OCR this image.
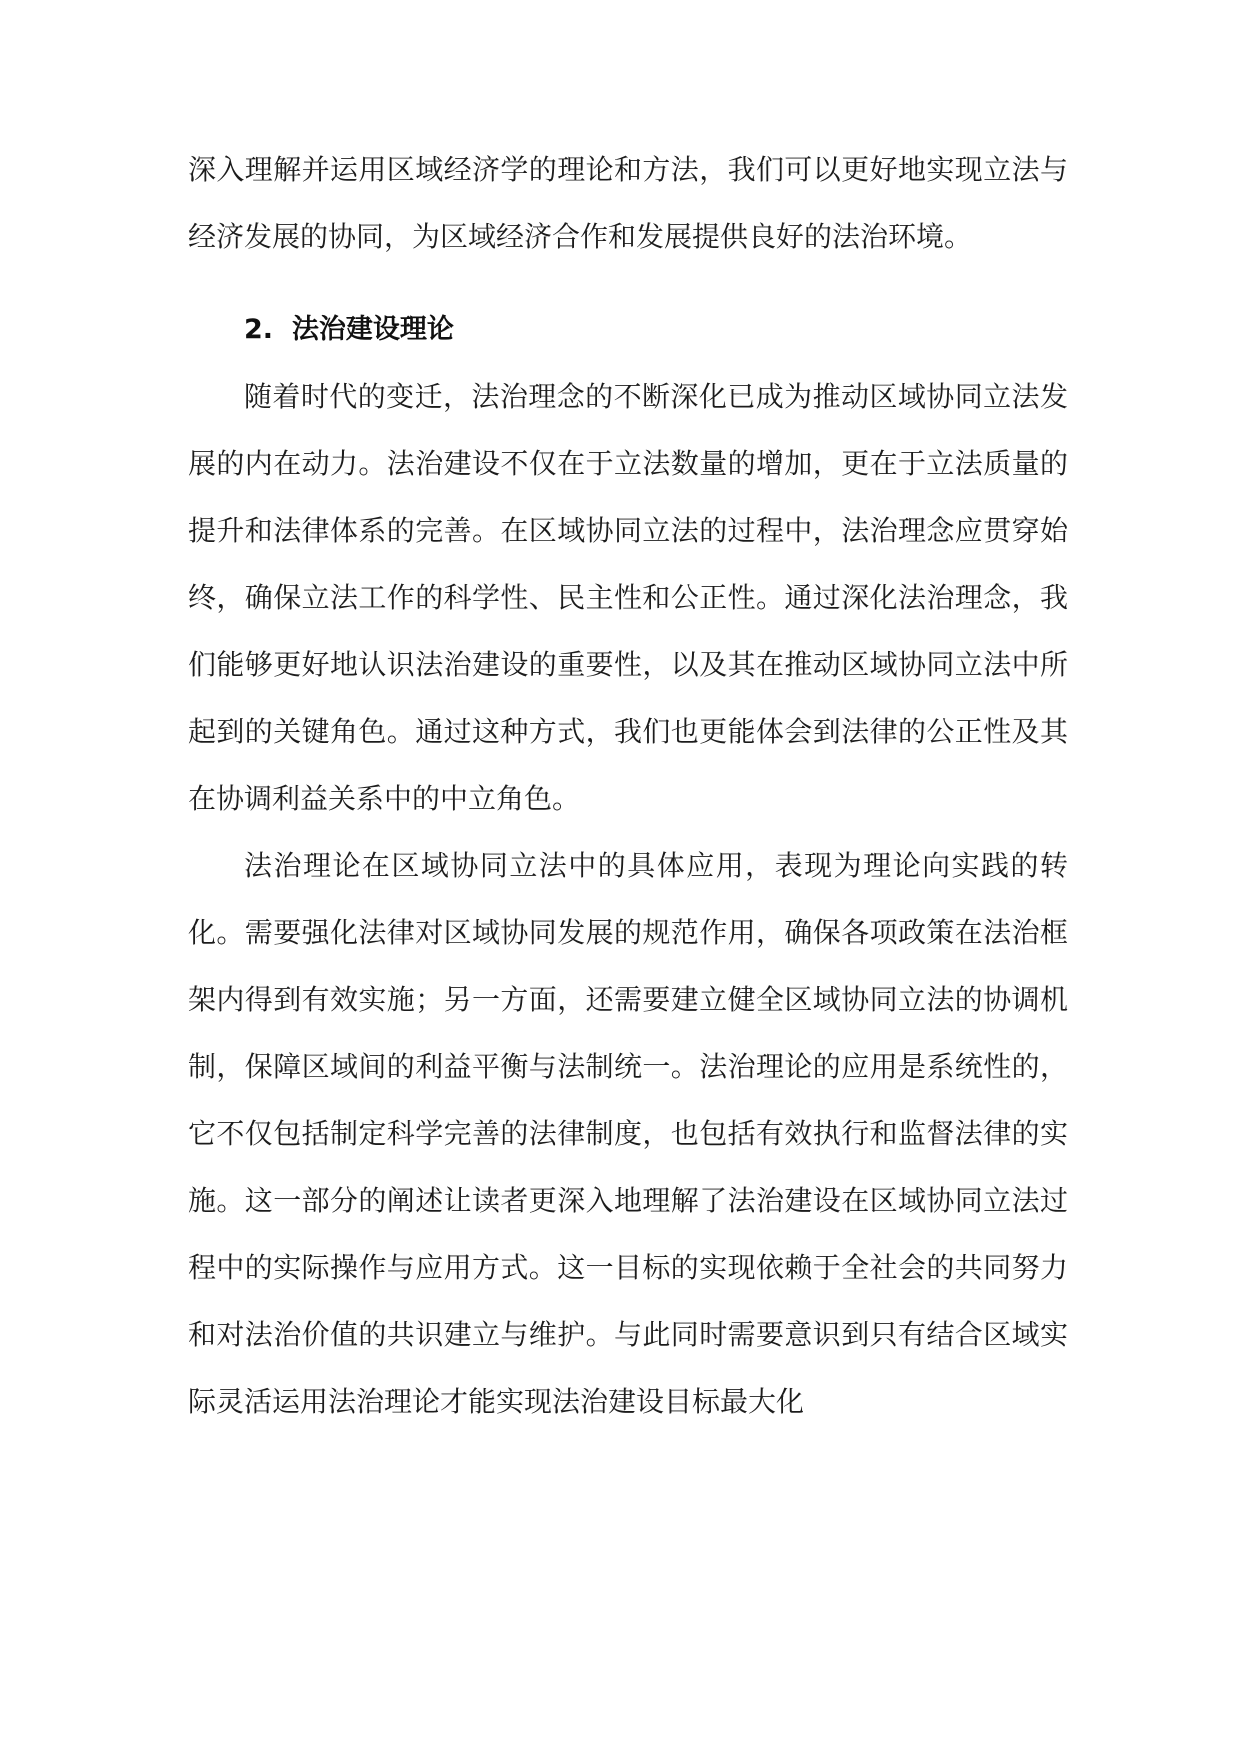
深入理解并运用区域经济学的理论和方法，我们可以更好地实现立法与经济发展的协同，为区域经济合作和发展提供良好的法治环境。

2. 法治建设理论

随着时代的变迁，法治理念的不断深化已成为推动区域协同立法发展的内在动力。法治建设不仅在于立法数量的增加，更在于立法质量的提升和法律体系的完善。在区域协同立法的过程中，法治理念应贯穿始终，确保立法工作的科学性、民主性和公正性。通过深化法治理念，我们能够更好地认识法治建设的重要性，以及其在推动区域协同立法中所起到的关键角色。通过这种方式，我们也更能体会到法律的公正性及其在协调利益关系中的中立角色。

法治理论在区域协同立法中的具体应用，表现为理论向实践的转化。需要强化法律对区域协同发展的规范作用，确保各项政策在法治框架内得到有效实施；另一方面，还需要建立健全区域协同立法的协调机制，保障区域间的利益平衡与法制统一。法治理论的应用是系统性的，它不仅包括制定科学完善的法律制度，也包括有效执行和监督法律的实施。这一部分的阐述让读者更深入地理解了法治建设在区域协同立法过程中的实际操作与应用方式。这一目标的实现依赖于全社会的共同努力和对法治价值的共识建立与维护。与此同时需要意识到只有结合区域实际灵活运用法治理论才能实现法治建设目标最大化
